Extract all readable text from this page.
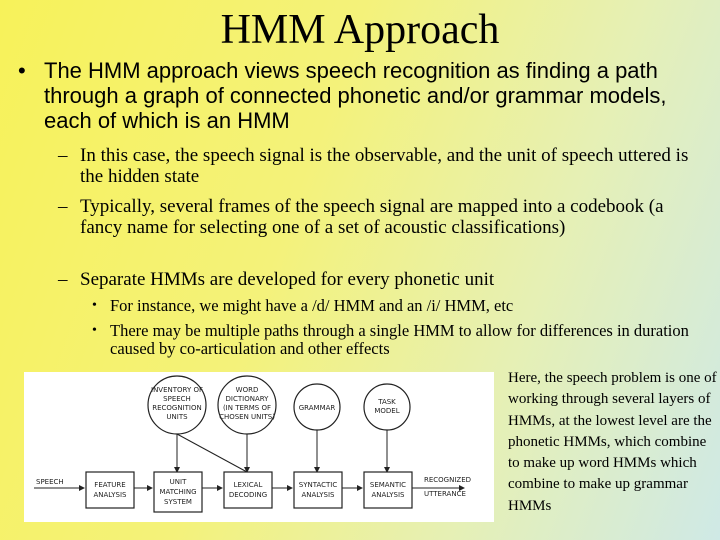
HMM Approach
• The HMM approach views speech recognition as finding a path through a graph of connected phonetic and/or grammar models, each of which is an HMM
– In this case, the speech signal is the observable, and the unit of speech uttered is the hidden state
– Typically, several frames of the speech signal are mapped into a codebook (a fancy name for selecting one of a set of acoustic classifications)
– Separate HMMs are developed for every phonetic unit
• For instance, we might have a /d/ HMM and an /i/ HMM, etc
• There may be multiple paths through a single HMM to allow for differences in duration caused by co-articulation and other effects
INVENTORY OF
SPEECH
RECOGNITION
UNITS
WORD
DICTIONARY
(IN TERMS OF
CHOSEN UNITS)
GRAMMAR
TASK
MODEL
SPEECH	RECOGNIZED
UTTERANCE
FEATURE
ANALYSIS
UNIT
MATCHING
SYSTEM
LEXICAL
DECODING
SYNTACTIC
ANALYSIS
SEMANTIC
ANALYSIS
Here, the speech problem is one of working through several layers of HMMs, at the lowest level are the phonetic HMMs, which combine to make up word HMMs which combine to make up grammar HMMs
